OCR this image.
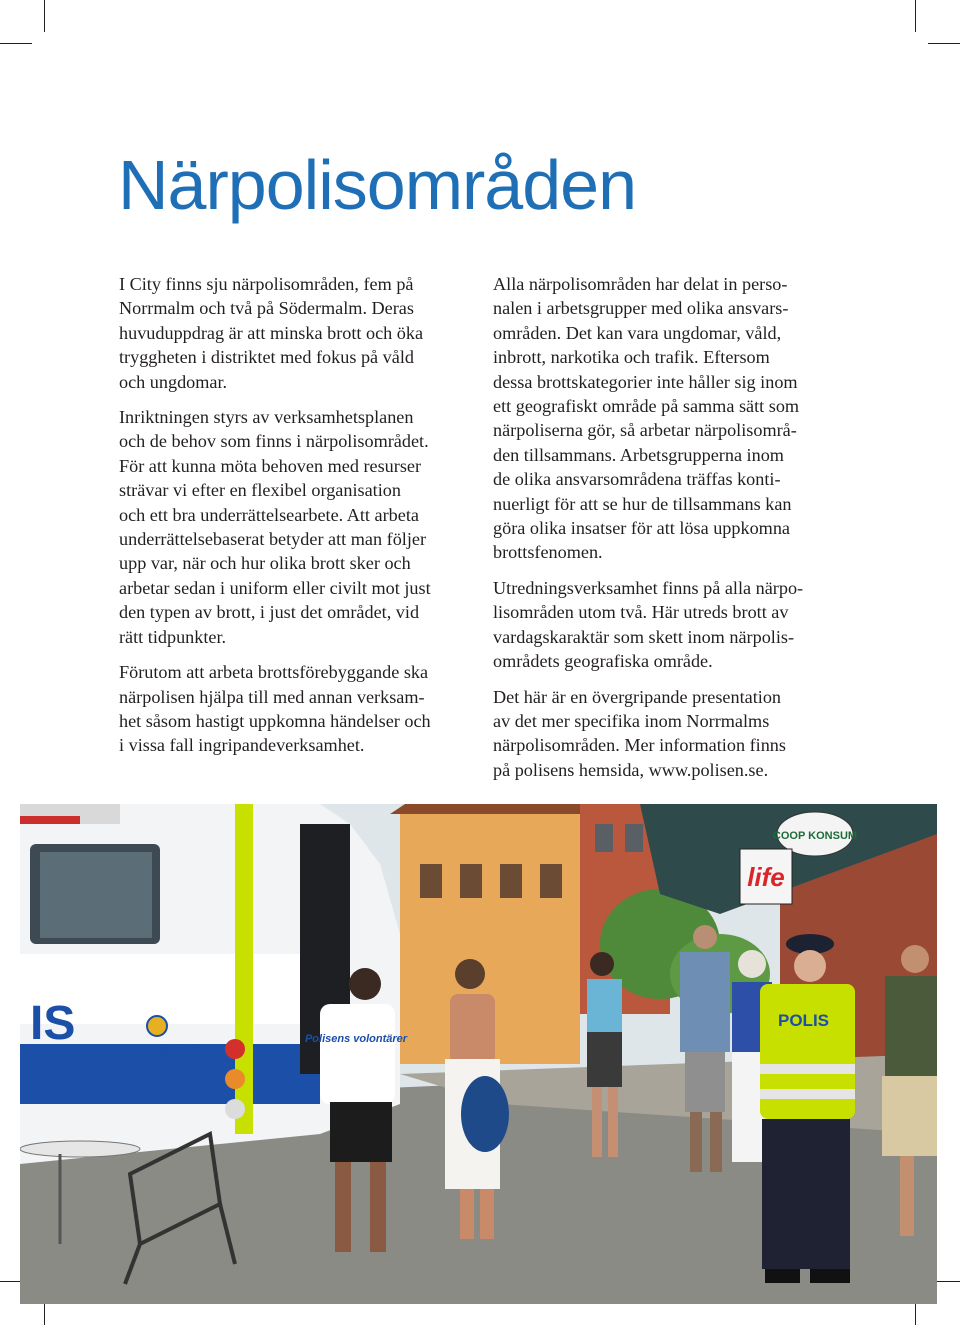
Närpolisområden

I City finns sju närpolisområden, fem på
Norrmalm och två på Södermalm. Deras
huvuduppdrag är att minska brott och öka
tryggheten i distriktet med fokus på våld
och ungdomar.

Inriktningen styrs av verksamhetsplanen
och de behov som finns i närpolisområdet.
För att kunna möta behoven med resurser
strävar vi efter en flexibel organisation
och ett bra underrättelsearbete. Att arbeta
underrättelsebaserat betyder att man följer
upp var, när och hur olika brott sker och
arbetar sedan i uniform eller civilt mot just
den typen av brott, i just det området, vid
rätt tidpunkter.

Förutom att arbeta brottsförebyggande ska
närpolisen hjälpa till med annan verksam-
het såsom hastigt uppkomna händelser och
i vissa fall ingripandeverksamhet.

Alla närpolisområden har delat in perso-
nalen i arbetsgrupper med olika ansvars-
områden. Det kan vara ungdomar, våld,
inbrott, narkotika och trafik. Eftersom
dessa brottskategorier inte håller sig inom
ett geografiskt område på samma sätt som
närpoliserna gör, så arbetar närpolisområ-
den tillsammans. Arbetsgrupperna inom
de olika ansvarsområdena träffas konti-
nuerligt för att se hur de tillsammans kan
göra olika insatser för att lösa uppkomna
brottsfenomen.

Utredningsverksamhet finns på alla närpo-
lisområden utom två. Här utreds brott av
vardagskaraktär som skett inom närpolis-
områdets geografiska område.

Det här är en övergripande presentation
av det mer specifika inom Norrmalms
närpolisområden. Mer information finns
på polisens hemsida, www.polisen.se.

COOP KONSUM
life
IS	8 1737
Polisens volontärer
POLIS
